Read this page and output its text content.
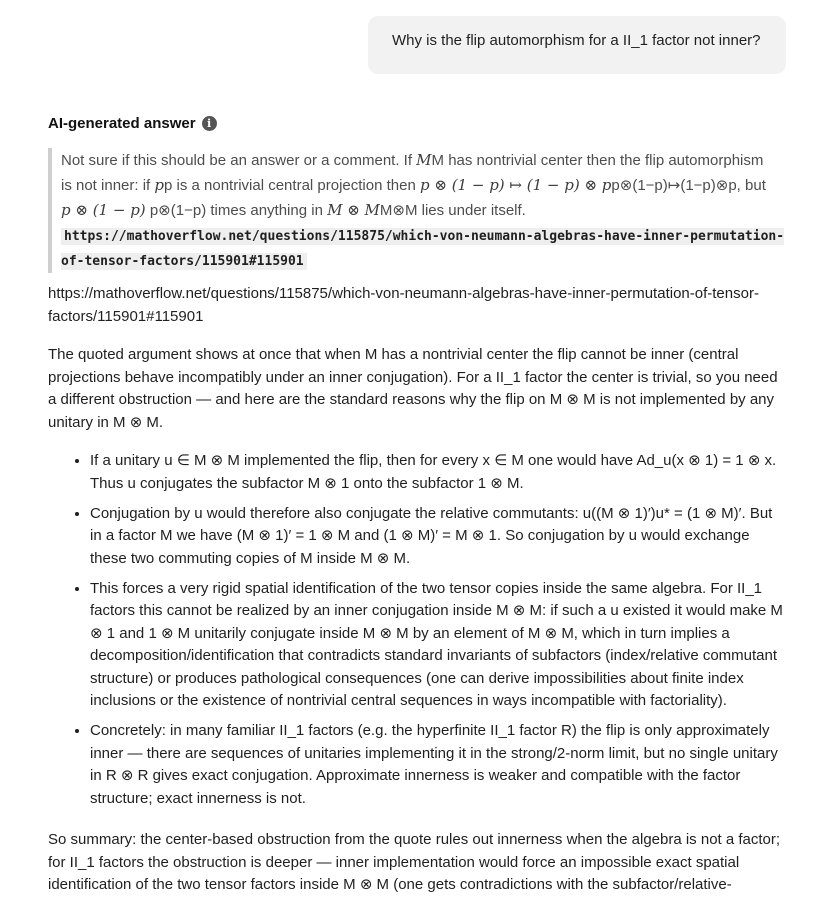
Why is the flip automorphism for a II_1 factor not inner?
AI-generated answer	i
Not sure if this should be an answer or a comment. If MM has nontrivial center then the flip automorphism
is not inner: if pp is a nontrivial central projection then p ⊗ (1 − p) ↦ (1 − p) ⊗ pp⊗(1−p)↦(1−p)⊗p, but
p ⊗ (1 − p) p⊗(1−p) times anything in M ⊗ MM⊗M lies under itself.
https://mathoverflow.net/questions/115875/which-von-neumann-algebras-have-inner-permutation-of-tensor-factors/115901#115901
https://mathoverflow.net/questions/115875/which-von-neumann-algebras-have-inner-permutation-of-tensor-factors/115901#115901
The quoted argument shows at once that when M has a nontrivial center the flip cannot be inner (central projections behave incompatibly under an inner conjugation). For a II_1 factor the center is trivial, so you need a different obstruction — and here are the standard reasons why the flip on M ⊗ M is not implemented by any unitary in M ⊗ M.
• If a unitary u ∈ M ⊗ M implemented the flip, then for every x ∈ M one would have Ad_u(x ⊗ 1) = 1 ⊗ x. Thus u conjugates the subfactor M ⊗ 1 onto the subfactor 1 ⊗ M.
• Conjugation by u would therefore also conjugate the relative commutants: u((M ⊗ 1)′)u* = (1 ⊗ M)′. But in a factor M we have (M ⊗ 1)′ = 1 ⊗ M and (1 ⊗ M)′ = M ⊗ 1. So conjugation by u would exchange these two commuting copies of M inside M ⊗ M.
• This forces a very rigid spatial identification of the two tensor copies inside the same algebra. For II_1 factors this cannot be realized by an inner conjugation inside M ⊗ M: if such a u existed it would make M ⊗ 1 and 1 ⊗ M unitarily conjugate inside M ⊗ M by an element of M ⊗ M, which in turn implies a decomposition/identification that contradicts standard invariants of subfactors (index/relative commutant structure) or produces pathological consequences (one can derive impossibilities about finite index inclusions or the existence of nontrivial central sequences in ways incompatible with factoriality).
• Concretely: in many familiar II_1 factors (e.g. the hyperfinite II_1 factor R) the flip is only approximately inner — there are sequences of unitaries implementing it in the strong/2-norm limit, but no single unitary in R ⊗ R gives exact conjugation. Approximate innerness is weaker and compatible with the factor structure; exact innerness is not.
So summary: the center-based obstruction from the quote rules out innerness when the algebra is not a factor; for II_1 factors the obstruction is deeper — inner implementation would force an impossible exact spatial identification of the two tensor factors inside M ⊗ M (one gets contradictions with the subfactor/relative-
